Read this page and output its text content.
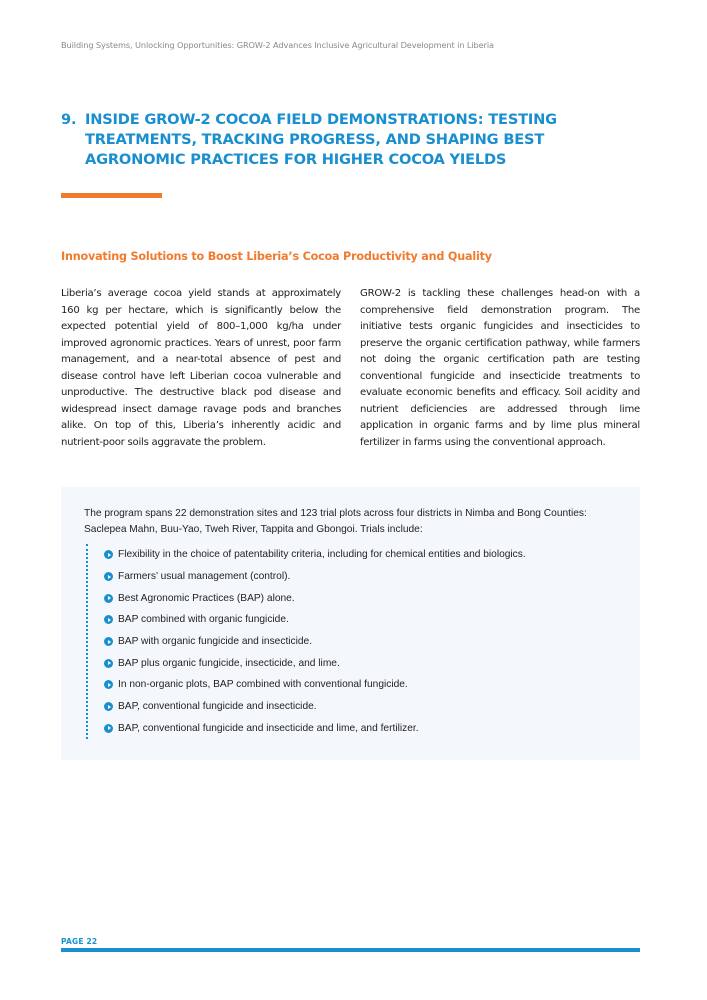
Building Systems, Unlocking Opportunities: GROW-2 Advances Inclusive Agricultural Development in Liberia
9. INSIDE GROW-2 COCOA FIELD DEMONSTRATIONS: TESTING TREATMENTS, TRACKING PROGRESS, AND SHAPING BEST AGRONOMIC PRACTICES FOR HIGHER COCOA YIELDS
Innovating Solutions to Boost Liberia’s Cocoa Productivity and Quality

Liberia’s average cocoa yield stands at approximately 160 kg per hectare, which is significantly below the expected potential yield of 800–1,000 kg/ha under improved agronomic practices. Years of unrest, poor farm management, and a near-total absence of pest and disease control have left Liberian cocoa vulnerable and unproductive. The destructive black pod disease and widespread insect damage ravage pods and branches alike. On top of this, Liberia’s inherently acidic and nutrient-poor soils aggravate the problem.

GROW-2 is tackling these challenges head-on with a comprehensive field demonstration program. The initiative tests organic fungicides and insecticides to preserve the organic certification pathway, while farmers not doing the organic certification path are testing conventional fungicide and insecticide treatments to evaluate economic benefits and efficacy. Soil acidity and nutrient deficiencies are addressed through lime application in organic farms and by lime plus mineral fertilizer in farms using the conventional approach.

The program spans 22 demonstration sites and 123 trial plots across four districts in Nimba and Bong Counties: Saclepea Mahn, Buu-Yao, Tweh River, Tappita and Gbongoi. Trials include:

Flexibility in the choice of patentability criteria, including for chemical entities and biologics.
Farmers’ usual management (control).
Best Agronomic Practices (BAP) alone.
BAP combined with organic fungicide.
BAP with organic fungicide and insecticide.
BAP plus organic fungicide, insecticide, and lime.
In non-organic plots, BAP combined with conventional fungicide.
BAP, conventional fungicide and insecticide.
BAP, conventional fungicide and insecticide and lime, and fertilizer.
PAGE 22
